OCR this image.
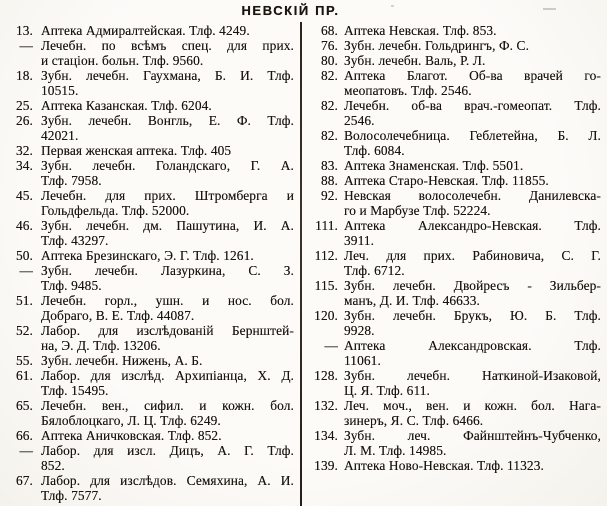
НЕВСКІЙ ПР.
13. Аптека Адмиралтейская. Тлф. 4249.
— Лечебн. по всѣмъ спец. для прих.
и стаціон. больн. Тлф. 9560.
18. Зубн. лечебн. Гаухмана, Б. И. Тлф.
10515.
25. Аптека Казанская. Тлф. 6204.
26. Зубн. лечебн. Вонгль, Е. Ф. Тлф.
42021.
32. Первая женская аптека. Тлф. 405
34. Зубн. лечебн. Голандскаго, Г. А.
Тлф. 7958.
45. Лечебн. для прих. Штромберга и
Гольдфельда. Тлф. 52000.
46. Зубн. лечебн. дм. Пашутина, И. А.
Тлф. 43297.
50. Аптека Брезинскаго, Э. Г. Тлф. 1261.
— Зубн. лечебн. Лазуркина, С. З.
Тлф. 9485.
51. Лечебн. горл., ушн. и нос. бол.
Добраго, В. Е. Тлф. 44087.
52. Лабор. для изслѣдованій Бернштей-
на, Э. Д. Тлф. 13206.
55. Зубн. лечебн. Нижень, А. Б.
61. Лабор. для изслѣд. Архипіанца, Х. Д.
Тлф. 15495.
65. Лечебн. вен., сифил. и кожн. бол.
Бялоблоцкаго, Л. Ц. Тлф. 6249.
66. Аптека Аничковская. Тлф. 852.
— Лабор. для изсл. Дицъ, А. Г. Тлф.
852.
67. Лабор. для изслѣдов. Семяхина, А. И.
Тлф. 7577.
68. Аптека Невская. Тлф. 853.
76. Зубн. лечебн. Гольдрингъ, Ф. С.
80. Зубн. лечебн. Валь, Р. Л.
82. Аптека Благот. Об-ва врачей го-
меопатовъ. Тлф. 2546.
82. Лечебн. об-ва врач.-гомеопат. Тлф.
2546.
82. Волосолечебница. Геблетейна, Б. Л.
Тлф. 6084.
83. Аптека Знаменская. Тлф. 5501.
88. Аптека Старо-Невская. Тлф. 11855.
92. Невская волосолечебн. Данилевска-
го и Марбузе Тлф. 52224.
111. Аптека Александро-Невская. Тлф.
3911.
112. Леч. для прих. Рабиновича, С. Г.
Тлф. 6712.
115. Зубн. лечебн. Двойресъ - Зильбер-
манъ, Д. И. Тлф. 46633.
120. Зубн. лечебн. Брукъ, Ю. Б. Тлф.
9928.
— Аптека Александровская. Тлф.
11061.
128. Зубн. лечебн. Наткиной-Изаковой,
Ц. Я. Тлф. 611.
132. Леч. моч., вен. и кожн. бол. Нага-
зинеръ, Я. С. Тлф. 6466.
134. Зубн. леч. Файнштейнъ-Чубченко,
Л. М. Тлф. 14985.
139. Аптека Ново-Невская. Тлф. 11323.
